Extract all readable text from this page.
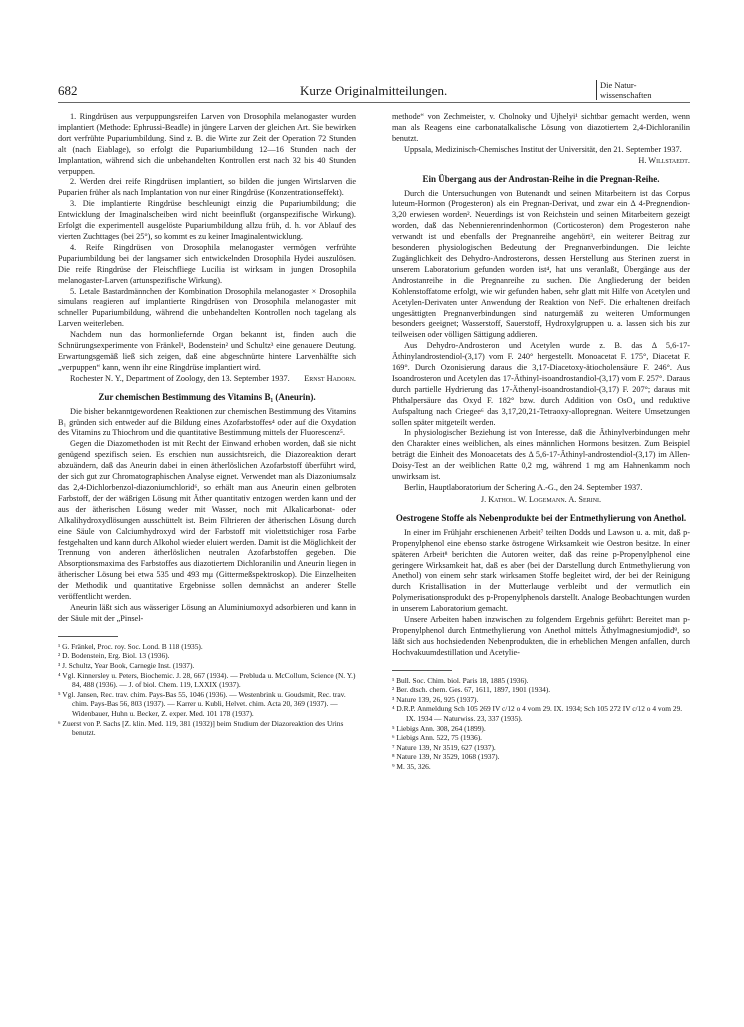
682	Kurze Originalmitteilungen.	Die Natur-
wissenschaften

1. Ringdrüsen aus verpuppungsreifen Larven von Drosophila melanogaster wurden implantiert (Methode: Ephrussi-Beadle) in jüngere Larven der gleichen Art. Sie bewirken dort verfrühte Pupariumbildung. Sind z. B. die Wirte zur Zeit der Operation 72 Stunden alt (nach Eiablage), so erfolgt die Pupariumbildung 12—16 Stunden nach der Implantation, während sich die unbehandelten Kontrollen erst nach 32 bis 40 Stunden verpuppen.

2. Werden drei reife Ringdrüsen implantiert, so bilden die jungen Wirtslarven die Puparien früher als nach Implantation von nur einer Ringdrüse (Konzentrationseffekt).

3. Die implantierte Ringdrüse beschleunigt einzig die Pupariumbildung; die Entwicklung der Imaginalscheiben wird nicht beeinflußt (organspezifische Wirkung). Erfolgt die experimentell ausgelöste Pupariumbildung allzu früh, d. h. vor Ablauf des vierten Zuchttages (bei 25°), so kommt es zu keiner Imaginalentwicklung.

4. Reife Ringdrüsen von Drosophila melanogaster vermögen verfrühte Pupariumbildung bei der langsamer sich entwickelnden Drosophila Hydei auszulösen. Die reife Ringdrüse der Fleischfliege Lucilia ist wirksam in jungen Drosophila melanogaster-Larven (artunspezifische Wirkung).

5. Letale Bastardmännchen der Kombination Drosophila melanogaster × Drosophila simulans reagieren auf implantierte Ringdrüsen von Drosophila melanogaster mit schneller Pupariumbildung, während die unbehandelten Kontrollen noch tagelang als Larven weiterleben.

Nachdem nun das hormonliefernde Organ bekannt ist, finden auch die Schnürungsexperimente von Fränkel¹, Bodenstein² und Schultz³ eine genauere Deutung. Erwartungsgemäß ließ sich zeigen, daß eine abgeschnürte hintere Larvenhälfte sich „verpuppen“ kann, wenn ihr eine Ringdrüse implantiert wird.

Rochester N. Y., Department of Zoology, den 13. September 1937.	Ernst Hadorn.

Zur chemischen Bestimmung des Vitamins B₁ (Aneurin).

Die bisher bekanntgewordenen Reaktionen zur chemischen Bestimmung des Vitamins B₁ gründen sich entweder auf die Bildung eines Azofarbstoffes⁴ oder auf die Oxydation des Vitamins zu Thiochrom und die quantitative Bestimmung mittels der Fluorescenz⁵.

Gegen die Diazomethoden ist mit Recht der Einwand erhoben worden, daß sie nicht genügend spezifisch seien. Es erschien nun aussichtsreich, die Diazoreaktion derart abzuändern, daß das Aneurin dabei in einen ätherlöslichen Azofarbstoff überführt wird, der sich gut zur Chromatographischen Analyse eignet. Verwendet man als Diazoniumsalz das 2,4-Dichlorbenzol-diazoniumchlorid⁶, so erhält man aus Aneurin einen gelbroten Farbstoff, der der wäßrigen Lösung mit Äther quantitativ entzogen werden kann und der aus der ätherischen Lösung weder mit Wasser, noch mit Alkalicarbonat- oder Alkalihydroxydlösungen ausschüttelt ist. Beim Filtrieren der ätherischen Lösung durch eine Säule von Calciumhydroxyd wird der Farbstoff mit violettstichiger rosa Farbe festgehalten und kann durch Alkohol wieder eluiert werden. Damit ist die Möglichkeit der Trennung von anderen ätherlöslichen neutralen Azofarbstoffen gegeben. Die Absorptionsmaxima des Farbstoffes aus diazotiertem Dichloranilin und Aneurin liegen in ätherischer Lösung bei etwa 535 und 493 mμ (Gittermeßspektroskop). Die Einzelheiten der Methodik und quantitative Ergebnisse sollen demnächst an anderer Stelle veröffentlicht werden.

Aneurin läßt sich aus wässeriger Lösung an Aluminiumoxyd adsorbieren und kann in der Säule mit der „Pinsel-

¹ G. Fränkel, Proc. roy. Soc. Lond. B 118 (1935).
² D. Bodenstein, Erg. Biol. 13 (1936).
³ J. Schultz, Year Book, Carnegie Inst. (1937).
⁴ Vgl. Kinnersley u. Peters, Biochemic. J. 28, 667 (1934). — Prebluda u. McCollum, Science (N. Y.) 84, 488 (1936). — J. of biol. Chem. 119, LXXIX (1937).
⁵ Vgl. Jansen, Rec. trav. chim. Pays-Bas 55, 1046 (1936). — Westenbrink u. Goudsmit, Rec. trav. chim. Pays-Bas 56, 803 (1937). — Karrer u. Kubli, Helvet. chim. Acta 20, 369 (1937). — Widenbauer, Huhn u. Becker, Z. exper. Med. 101 178 (1937).
⁶ Zuerst von P. Sachs [Z. klin. Med. 119, 381 (1932)] beim Studium der Diazoreaktion des Urins benutzt.

methode“ von Zechmeister, v. Cholnoky und Ujhelyi¹ sichtbar gemacht werden, wenn man als Reagens eine carbonatalkalische Lösung von diazotiertem 2,4-Dichloranilin benutzt.

Uppsala, Medizinisch-Chemisches Institut der Universität, den 21. September 1937.
H. Willstaedt.

Ein Übergang aus der Androstan-Reihe in die Pregnan-Reihe.

Durch die Untersuchungen von Butenandt und seinen Mitarbeitern ist das Corpus luteum-Hormon (Progesteron) als ein Pregnan-Derivat, und zwar ein Δ 4-Pregnendion-3,20 erwiesen worden². Neuerdings ist von Reichstein und seinen Mitarbeitern gezeigt worden, daß das Nebennierenrindenhormon (Corticosteron) dem Progesteron nahe verwandt ist und ebenfalls der Pregnanreihe angehört³, ein weiterer Beitrag zur besonderen physiologischen Bedeutung der Pregnanverbindungen. Die leichte Zugänglichkeit des Dehydro-Androsterons, dessen Herstellung aus Sterinen zuerst in unserem Laboratorium gefunden worden ist⁴, hat uns veranlaßt, Übergänge aus der Androstanreihe in die Pregnanreihe zu suchen. Die Angliederung der beiden Kohlenstoffatome erfolgt, wie wir gefunden haben, sehr glatt mit Hilfe von Acetylen und Acetylen-Derivaten unter Anwendung der Reaktion von Nef⁵. Die erhaltenen dreifach ungesättigten Pregnanverbindungen sind naturgemäß zu weiteren Umformungen besonders geeignet; Wasserstoff, Sauerstoff, Hydroxylgruppen u. a. lassen sich bis zur teilweisen oder völligen Sättigung addieren.

Aus Dehydro-Androsteron und Acetylen wurde z. B. das Δ 5,6-17-Äthinylandrostendiol-(3,17) vom F. 240° hergestellt. Monoacetat F. 175°, Diacetat F. 169°. Durch Ozonisierung daraus die 3,17-Diacetoxy-ätiocholensäure F. 246°. Aus Isoandrosteron und Acetylen das 17-Äthinyl-isoandrostandiol-(3,17) vom F. 257°. Daraus durch partielle Hydrierung das 17-Äthenyl-isoandrostandiol-(3,17) F. 207°; daraus mit Phthalpersäure das Oxyd F. 182° bzw. durch Addition von OsO₄ und reduktive Aufspaltung nach Criegee⁶ das 3,17,20,21-Tetraoxy-allopregnan. Weitere Umsetzungen sollen später mitgeteilt werden.

In physiologischer Beziehung ist von Interesse, daß die Äthinylverbindungen mehr den Charakter eines weiblichen, als eines männlichen Hormons besitzen. Zum Beispiel beträgt die Einheit des Monoacetats des Δ 5,6-17-Äthinyl-androstendiol-(3,17) im Allen-Doisy-Test an der weiblichen Ratte 0,2 mg, während 1 mg am Hahnenkamm noch unwirksam ist.

Berlin, Hauptlaboratorium der Schering A.-G., den 24. September 1937.

J. Kathol. W. Logemann. A. Serini.
Oestrogene Stoffe als Nebenprodukte bei der Entmethylierung von Anethol.

In einer im Frühjahr erschienenen Arbeit⁷ teilten Dodds und Lawson u. a. mit, daß p-Propenylphenol eine ebenso starke östrogene Wirksamkeit wie Oestron besitze. In einer späteren Arbeit⁸ berichten die Autoren weiter, daß das reine p-Propenylphenol eine geringere Wirksamkeit hat, daß es aber (bei der Darstellung durch Entmethylierung von Anethol) von einem sehr stark wirksamen Stoffe begleitet wird, der bei der Reinigung durch Kristallisation in der Mutterlauge verbleibt und der vermutlich ein Polymerisationsprodukt des p-Propenylphenols darstellt. Analoge Beobachtungen wurden in unserem Laboratorium gemacht.

Unsere Arbeiten haben inzwischen zu folgendem Ergebnis geführt: Bereitet man p-Propenylphenol durch Entmethylierung von Anethol mittels Äthylmagnesiumjodid⁹, so läßt sich aus hochsiedenden Nebenprodukten, die in erheblichen Mengen anfallen, durch Hochvakuumdestillation und Acetylie-

¹ Bull. Soc. Chim. biol. Paris 18, 1885 (1936).
² Ber. dtsch. chem. Ges. 67, 1611, 1897, 1901 (1934).
³ Nature 139, 26, 925 (1937).
⁴ D.R.P. Anmeldung Sch 105 269 IV c/12 o 4 vom 29. IX. 1934; Sch 105 272 IV c/12 o 4 vom 29. IX. 1934 — Naturwiss. 23, 337 (1935).
⁵ Liebigs Ann. 308, 264 (1899).
⁶ Liebigs Ann. 522, 75 (1936).
⁷ Nature 139, Nr 3519, 627 (1937).
⁸ Nature 139, Nr 3529, 1068 (1937).
⁹ M. 35, 326.
